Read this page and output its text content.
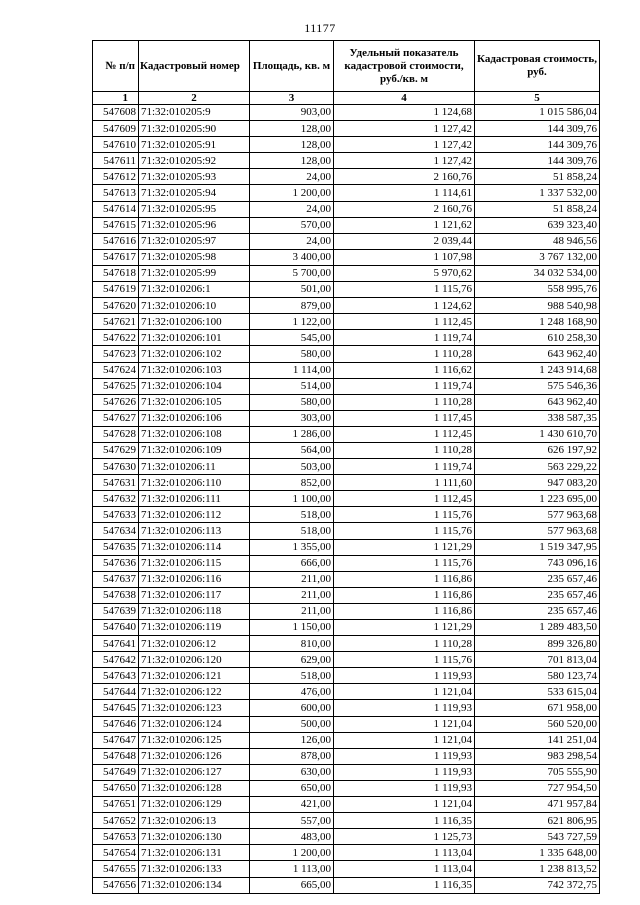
11177
№ п/п	Кадастровый номер	Площадь, кв. м	Удельный показатель кадастровой стоимости, руб./кв. м	Кадастровая стоимость, руб.
1	2	3	4	5
547608	71:32:010205:9	903,00	1 124,68	1 015 586,04
547609	71:32:010205:90	128,00	1 127,42	144 309,76
547610	71:32:010205:91	128,00	1 127,42	144 309,76
547611	71:32:010205:92	128,00	1 127,42	144 309,76
547612	71:32:010205:93	24,00	2 160,76	51 858,24
547613	71:32:010205:94	1 200,00	1 114,61	1 337 532,00
547614	71:32:010205:95	24,00	2 160,76	51 858,24
547615	71:32:010205:96	570,00	1 121,62	639 323,40
547616	71:32:010205:97	24,00	2 039,44	48 946,56
547617	71:32:010205:98	3 400,00	1 107,98	3 767 132,00
547618	71:32:010205:99	5 700,00	5 970,62	34 032 534,00
547619	71:32:010206:1	501,00	1 115,76	558 995,76
547620	71:32:010206:10	879,00	1 124,62	988 540,98
547621	71:32:010206:100	1 122,00	1 112,45	1 248 168,90
547622	71:32:010206:101	545,00	1 119,74	610 258,30
547623	71:32:010206:102	580,00	1 110,28	643 962,40
547624	71:32:010206:103	1 114,00	1 116,62	1 243 914,68
547625	71:32:010206:104	514,00	1 119,74	575 546,36
547626	71:32:010206:105	580,00	1 110,28	643 962,40
547627	71:32:010206:106	303,00	1 117,45	338 587,35
547628	71:32:010206:108	1 286,00	1 112,45	1 430 610,70
547629	71:32:010206:109	564,00	1 110,28	626 197,92
547630	71:32:010206:11	503,00	1 119,74	563 229,22
547631	71:32:010206:110	852,00	1 111,60	947 083,20
547632	71:32:010206:111	1 100,00	1 112,45	1 223 695,00
547633	71:32:010206:112	518,00	1 115,76	577 963,68
547634	71:32:010206:113	518,00	1 115,76	577 963,68
547635	71:32:010206:114	1 355,00	1 121,29	1 519 347,95
547636	71:32:010206:115	666,00	1 115,76	743 096,16
547637	71:32:010206:116	211,00	1 116,86	235 657,46
547638	71:32:010206:117	211,00	1 116,86	235 657,46
547639	71:32:010206:118	211,00	1 116,86	235 657,46
547640	71:32:010206:119	1 150,00	1 121,29	1 289 483,50
547641	71:32:010206:12	810,00	1 110,28	899 326,80
547642	71:32:010206:120	629,00	1 115,76	701 813,04
547643	71:32:010206:121	518,00	1 119,93	580 123,74
547644	71:32:010206:122	476,00	1 121,04	533 615,04
547645	71:32:010206:123	600,00	1 119,93	671 958,00
547646	71:32:010206:124	500,00	1 121,04	560 520,00
547647	71:32:010206:125	126,00	1 121,04	141 251,04
547648	71:32:010206:126	878,00	1 119,93	983 298,54
547649	71:32:010206:127	630,00	1 119,93	705 555,90
547650	71:32:010206:128	650,00	1 119,93	727 954,50
547651	71:32:010206:129	421,00	1 121,04	471 957,84
547652	71:32:010206:13	557,00	1 116,35	621 806,95
547653	71:32:010206:130	483,00	1 125,73	543 727,59
547654	71:32:010206:131	1 200,00	1 113,04	1 335 648,00
547655	71:32:010206:133	1 113,00	1 113,04	1 238 813,52
547656	71:32:010206:134	665,00	1 116,35	742 372,75
